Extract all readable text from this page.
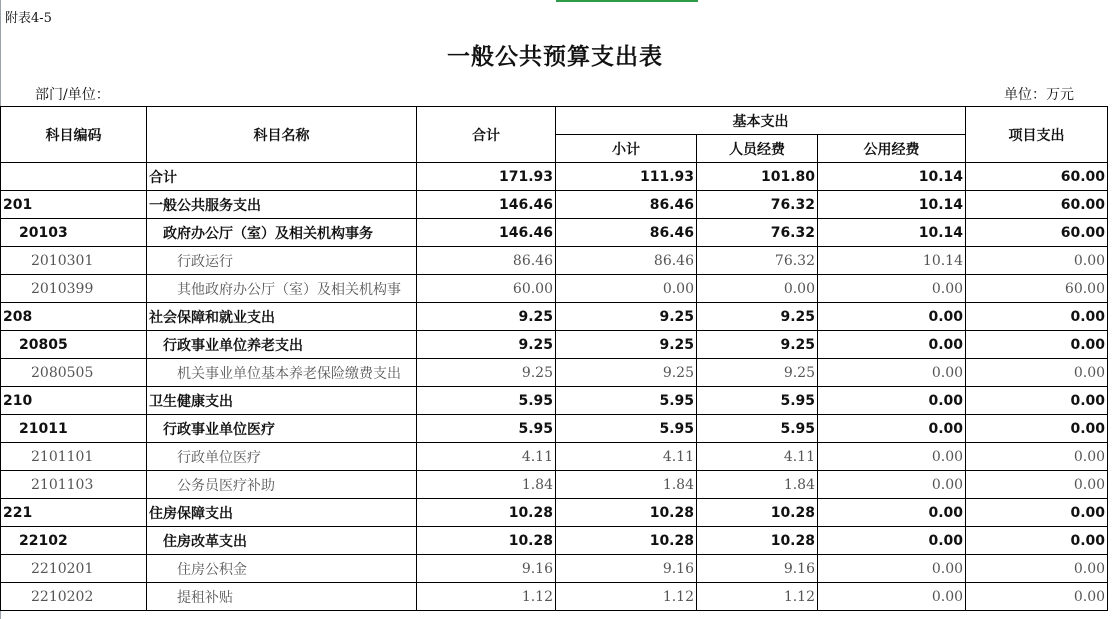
附表4-5
一般公共预算支出表
部门/单位：	单位：万元
科目编码	科目名称	合计	基本支出			项目支出
			小计	人员经费	公用经费	
	合计	171.93	111.93	101.80	10.14	60.00
201	一般公共服务支出	146.46	86.46	76.32	10.14	60.00
20103	政府办公厅（室）及相关机构事务	146.46	86.46	76.32	10.14	60.00
2010301	行政运行	86.46	86.46	76.32	10.14	0.00
2010399	其他政府办公厅（室）及相关机构事	60.00	0.00	0.00	0.00	60.00
208	社会保障和就业支出	9.25	9.25	9.25	0.00	0.00
20805	行政事业单位养老支出	9.25	9.25	9.25	0.00	0.00
2080505	机关事业单位基本养老保险缴费支出	9.25	9.25	9.25	0.00	0.00
210	卫生健康支出	5.95	5.95	5.95	0.00	0.00
21011	行政事业单位医疗	5.95	5.95	5.95	0.00	0.00
2101101	行政单位医疗	4.11	4.11	4.11	0.00	0.00
2101103	公务员医疗补助	1.84	1.84	1.84	0.00	0.00
221	住房保障支出	10.28	10.28	10.28	0.00	0.00
22102	住房改革支出	10.28	10.28	10.28	0.00	0.00
2210201	住房公积金	9.16	9.16	9.16	0.00	0.00
2210202	提租补贴	1.12	1.12	1.12	0.00	0.00
